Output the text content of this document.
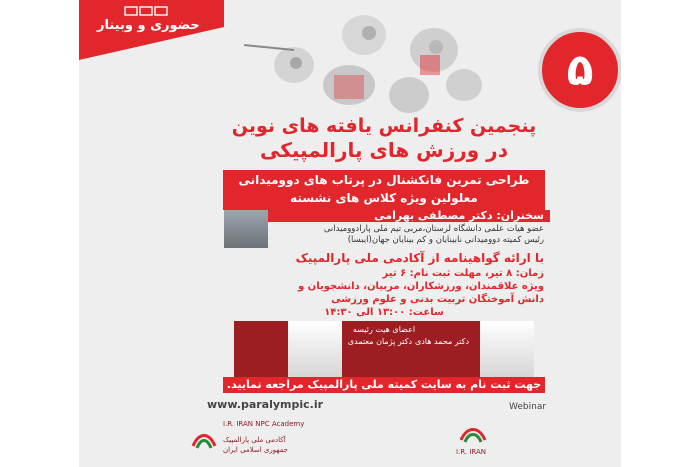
حضوری و وبینار
۵
پنجمین کنفرانس یافته های نوین
در ورزش های پارالمپیکی
طراحی تمرین فانکشنال در پرتاب های دوومیدانی
معلولین ویژه کلاس های نشسته
سخنران: دکتر مصطفی بهرامی
عضو هیات علمی دانشگاه لرستان،مربی تیم ملی پارادوومیدانی
رئیس کمیته دوومیدانی نابینایان و کم بینایان جهان(ایبسا)
با ارائه گواهینامه از آکادمی ملی پارالمپیک
زمان: ۸ تیر، مهلت ثبت نام: ۶ تیر
ویژه علاقمندان، ورزشکاران، مربیان، دانشجویان و
دانش آموختگان تربیت بدنی و علوم ورزشی
ساعت: ۱۳:۰۰ الی ۱۴:۳۰
اعضای هیت رئیسه
دکتر محمد هادی
دکتر پژمان معتمدی
جهت ثبت نام به سایت کمیته ملی پارالمپیک مراجعه نمایید.
www.paralympic.ir	Webinar
I.R. IRAN NPC Academy
آکادمی ملی پارالمپیک
جمهوری اسلامی ایران	I.R. IRAN
